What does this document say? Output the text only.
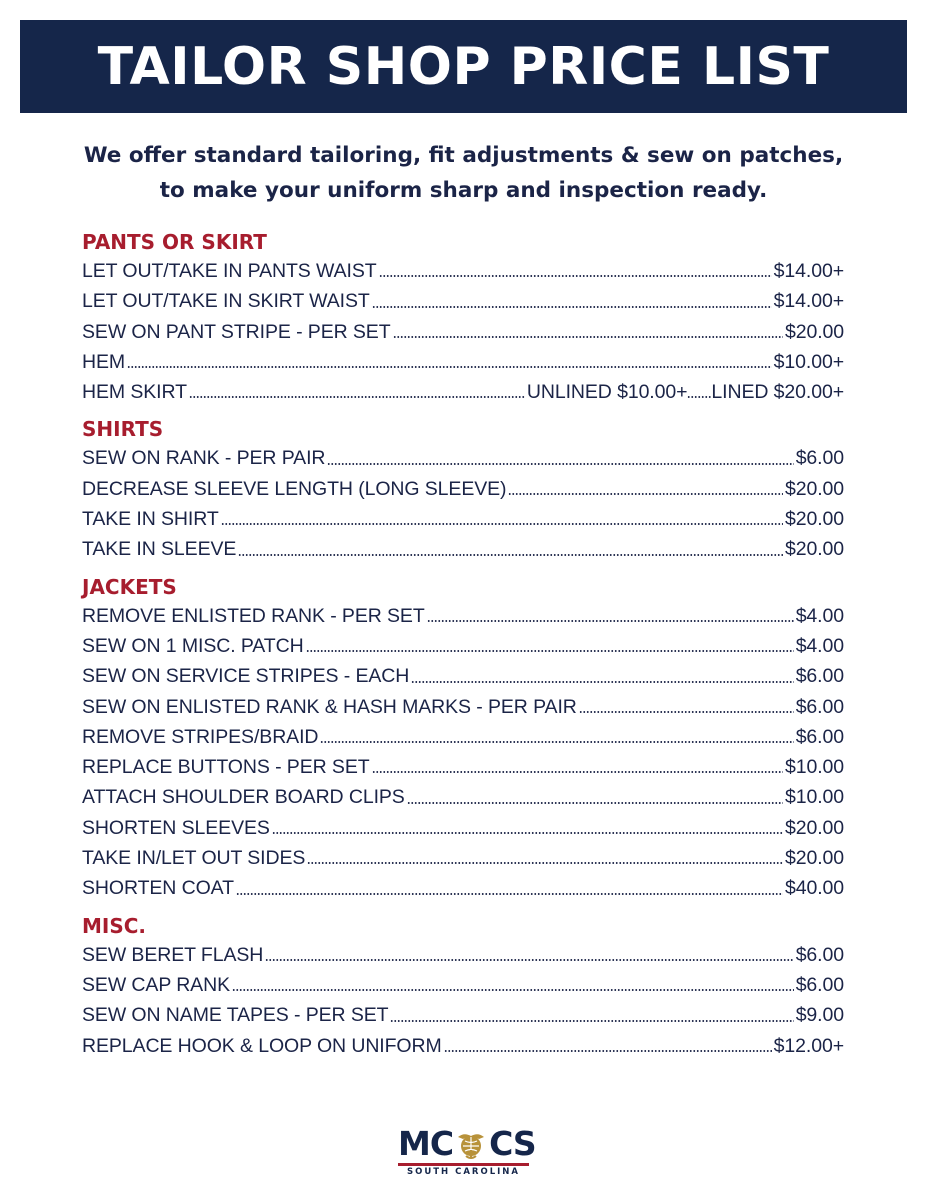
TAILOR SHOP PRICE LIST
We offer standard tailoring, fit adjustments & sew on patches,
to make your uniform sharp and inspection ready.
PANTS OR SKIRT
LET OUT/TAKE IN PANTS WAIST	$14.00+
LET OUT/TAKE IN SKIRT WAIST	$14.00+
SEW ON PANT STRIPE - PER SET	$20.00
HEM	$10.00+
HEM SKIRT	UNLINED $10.00+ LINED $20.00+
SHIRTS
SEW ON RANK - PER PAIR	$6.00
DECREASE SLEEVE LENGTH (LONG SLEEVE)	$20.00
TAKE IN SHIRT	$20.00
TAKE IN SLEEVE	$20.00
JACKETS
REMOVE ENLISTED RANK - PER SET	$4.00
SEW ON 1 MISC. PATCH	$4.00
SEW ON SERVICE STRIPES - EACH	$6.00
SEW ON ENLISTED RANK & HASH MARKS - PER PAIR	$6.00
REMOVE STRIPES/BRAID	$6.00
REPLACE BUTTONS - PER SET	$10.00
ATTACH SHOULDER BOARD CLIPS	$10.00
SHORTEN SLEEVES	$20.00
TAKE IN/LET OUT SIDES	$20.00
SHORTEN COAT	$40.00
MISC.
SEW BERET FLASH	$6.00
SEW CAP RANK	$6.00
SEW ON NAME TAPES - PER SET	$9.00
REPLACE HOOK & LOOP ON UNIFORM	$12.00+
MC CS
SOUTH CAROLINA
